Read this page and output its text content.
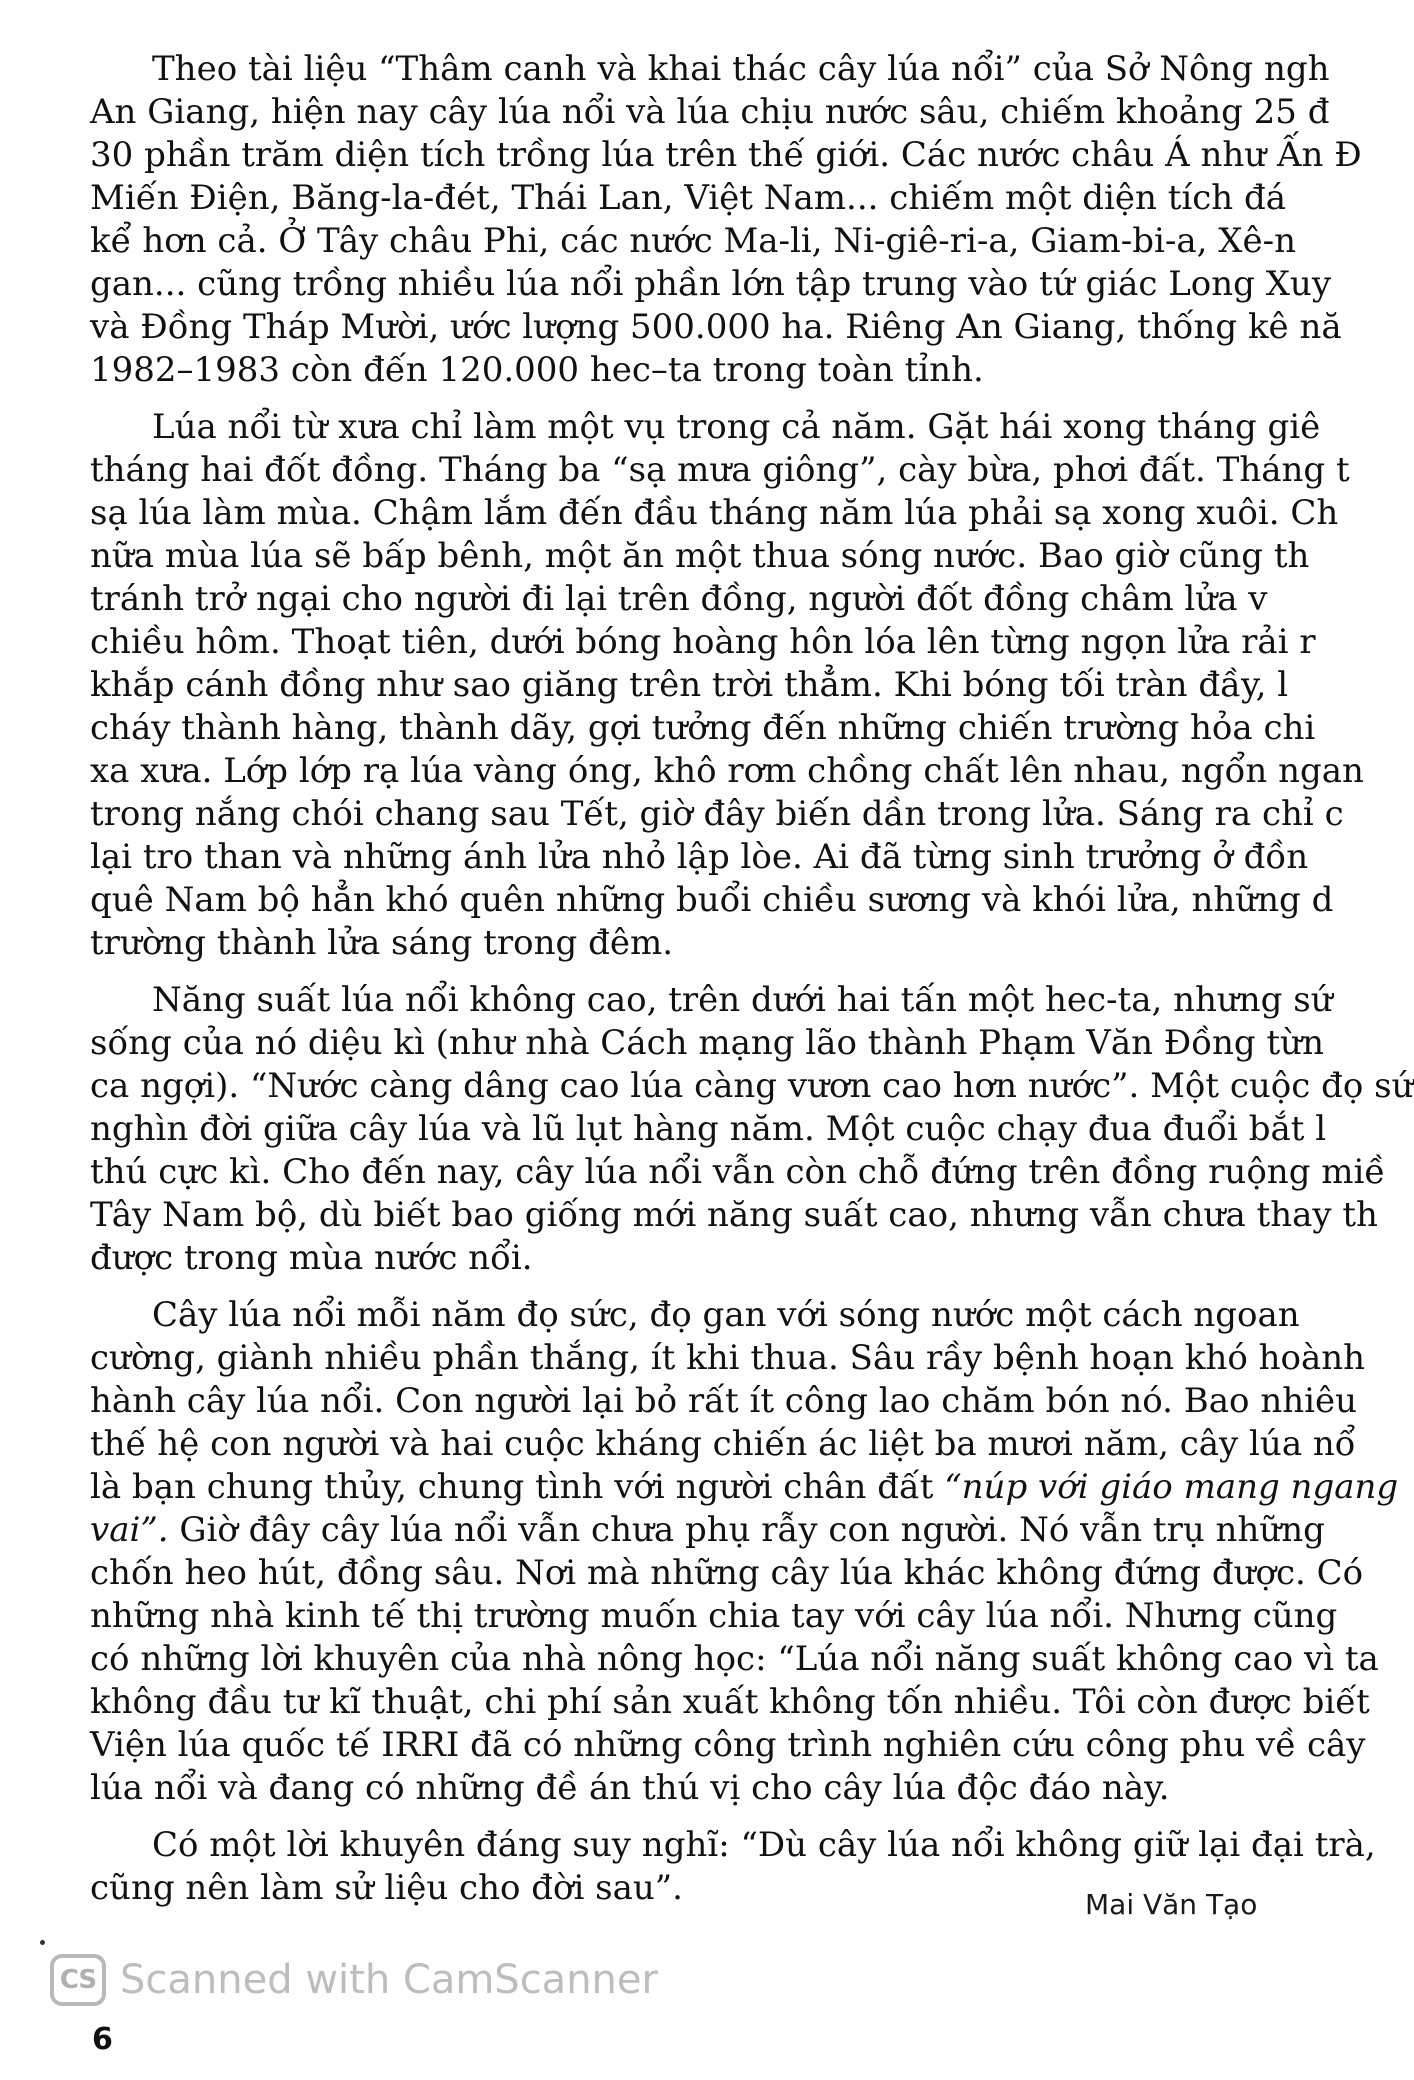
Theo tài liệu “Thâm canh và khai thác cây lúa nổi” của Sở Nông ngh
An Giang, hiện nay cây lúa nổi và lúa chịu nước sâu, chiếm khoảng 25 đ
30 phần trăm diện tích trồng lúa trên thế giới. Các nước châu Á như Ấn Đ
Miến Điện, Băng-la-đét, Thái Lan, Việt Nam... chiếm một diện tích đá
kể hơn cả. Ở Tây châu Phi, các nước Ma-li, Ni-giê-ri-a, Giam-bi-a, Xê-n
gan... cũng trồng nhiều lúa nổi phần lớn tập trung vào tứ giác Long Xuy
và Đồng Tháp Mười, ước lượng 500.000 ha. Riêng An Giang, thống kê nă
1982–1983 còn đến 120.000 hec–ta trong toàn tỉnh.
Lúa nổi từ xưa chỉ làm một vụ trong cả năm. Gặt hái xong tháng giê
tháng hai đốt đồng. Tháng ba “sạ mưa giông”, cày bừa, phơi đất. Tháng t
sạ lúa làm mùa. Chậm lắm đến đầu tháng năm lúa phải sạ xong xuôi. Ch
nữa mùa lúa sẽ bấp bênh, một ăn một thua sóng nước. Bao giờ cũng th
tránh trở ngại cho người đi lại trên đồng, người đốt đồng châm lửa v
chiều hôm. Thoạt tiên, dưới bóng hoàng hôn lóa lên từng ngọn lửa rải r
khắp cánh đồng như sao giăng trên trời thẳm. Khi bóng tối tràn đầy, l
cháy thành hàng, thành dãy, gợi tưởng đến những chiến trường hỏa chi
xa xưa. Lớp lớp rạ lúa vàng óng, khô rơm chồng chất lên nhau, ngổn ngan
trong nắng chói chang sau Tết, giờ đây biến dần trong lửa. Sáng ra chỉ c
lại tro than và những ánh lửa nhỏ lập lòe. Ai đã từng sinh trưởng ở đồn
quê Nam bộ hẳn khó quên những buổi chiều sương và khói lửa, những d
trường thành lửa sáng trong đêm.
Năng suất lúa nổi không cao, trên dưới hai tấn một hec-ta, nhưng sứ
sống của nó diệu kì (như nhà Cách mạng lão thành Phạm Văn Đồng từn
ca ngợi). “Nước càng dâng cao lúa càng vươn cao hơn nước”. Một cuộc đọ sứ
nghìn đời giữa cây lúa và lũ lụt hàng năm. Một cuộc chạy đua đuổi bắt l
thú cực kì. Cho đến nay, cây lúa nổi vẫn còn chỗ đứng trên đồng ruộng miề
Tây Nam bộ, dù biết bao giống mới năng suất cao, nhưng vẫn chưa thay th
được trong mùa nước nổi.
Cây lúa nổi mỗi năm đọ sức, đọ gan với sóng nước một cách ngoan
cường, giành nhiều phần thắng, ít khi thua. Sâu rầy bệnh hoạn khó hoành
hành cây lúa nổi. Con người lại bỏ rất ít công lao chăm bón nó. Bao nhiêu
thế hệ con người và hai cuộc kháng chiến ác liệt ba mươi năm, cây lúa nổ
là bạn chung thủy, chung tình với người chân đất “núp với giáo mang ngang
vai”. Giờ đây cây lúa nổi vẫn chưa phụ rẫy con người. Nó vẫn trụ những
chốn heo hút, đồng sâu. Nơi mà những cây lúa khác không đứng được. Có
những nhà kinh tế thị trường muốn chia tay với cây lúa nổi. Nhưng cũng
có những lời khuyên của nhà nông học: “Lúa nổi năng suất không cao vì ta
không đầu tư kĩ thuật, chi phí sản xuất không tốn nhiều. Tôi còn được biết
Viện lúa quốc tế IRRI đã có những công trình nghiên cứu công phu về cây
lúa nổi và đang có những đề án thú vị cho cây lúa độc đáo này.
Có một lời khuyên đáng suy nghĩ: “Dù cây lúa nổi không giữ lại đại trà,
cũng nên làm sử liệu cho đời sau”.	Mai Văn Tạo
CS Scanned with CamScanner
6
